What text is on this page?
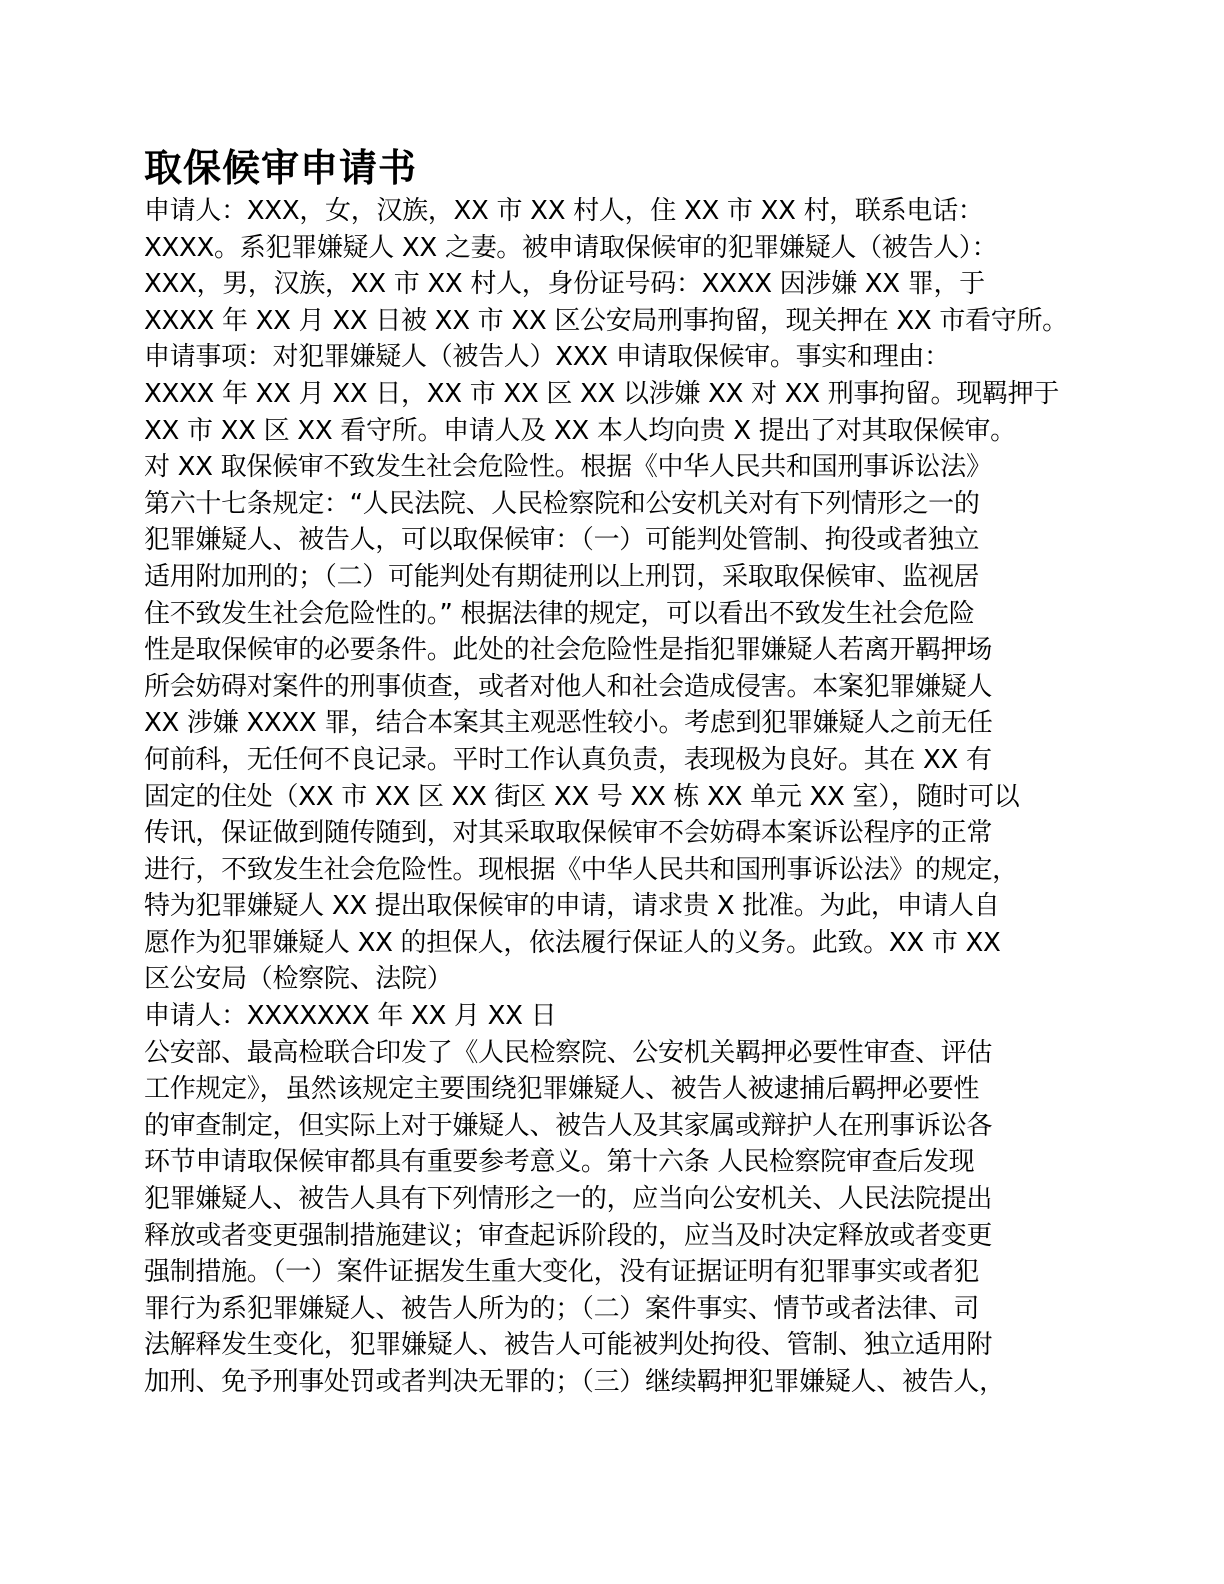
取保候审申请书

申请人：XXX，女，汉族，XX 市 XX 村人，住 XX 市 XX 村，联系电话：

XXXX。系犯罪嫌疑人 XX 之妻。被申请取保候审的犯罪嫌疑人（被告人）：

XXX，男，汉族，XX 市 XX 村人，身份证号码：XXXX 因涉嫌 XX 罪，于

XXXX 年 XX 月 XX 日被 XX 市 XX 区公安局刑事拘留，现关押在 XX 市看守所。

申请事项：对犯罪嫌疑人（被告人）XXX 申请取保候审。事实和理由：

XXXX 年 XX 月 XX 日，XX 市 XX 区 XX 以涉嫌 XX 对 XX 刑事拘留。现羁押于

XX 市 XX 区 XX 看守所。申请人及 XX 本人均向贵 X 提出了对其取保候审。

对 XX 取保候审不致发生社会危险性。根据《中华人民共和国刑事诉讼法》

第六十七条规定：“人民法院、人民检察院和公安机关对有下列情形之一的

犯罪嫌疑人、被告人，可以取保候审：（一）可能判处管制、拘役或者独立

适用附加刑的；（二）可能判处有期徒刑以上刑罚，采取取保候审、监视居

住不致发生社会危险性的。” 根据法律的规定，可以看出不致发生社会危险

性是取保候审的必要条件。此处的社会危险性是指犯罪嫌疑人若离开羁押场

所会妨碍对案件的刑事侦查，或者对他人和社会造成侵害。本案犯罪嫌疑人

XX 涉嫌 XXXX 罪，结合本案其主观恶性较小。考虑到犯罪嫌疑人之前无任

何前科，无任何不良记录。平时工作认真负责，表现极为良好。其在 XX 有

固定的住处（XX 市 XX 区 XX 街区 XX 号 XX 栋 XX 单元 XX 室），随时可以

传讯，保证做到随传随到，对其采取取保候审不会妨碍本案诉讼程序的正常

进行，不致发生社会危险性。现根据《中华人民共和国刑事诉讼法》的规定，

特为犯罪嫌疑人 XX 提出取保候审的申请，请求贵 X 批准。为此，申请人自

愿作为犯罪嫌疑人 XX 的担保人，依法履行保证人的义务。此致。XX 市 XX

区公安局（检察院、法院）

申请人：XXXXXXX 年 XX 月 XX 日

公安部、最高检联合印发了《人民检察院、公安机关羁押必要性审查、评估

工作规定》，虽然该规定主要围绕犯罪嫌疑人、被告人被逮捕后羁押必要性

的审查制定，但实际上对于嫌疑人、被告人及其家属或辩护人在刑事诉讼各

环节申请取保候审都具有重要参考意义。第十六条 人民检察院审查后发现

犯罪嫌疑人、被告人具有下列情形之一的，应当向公安机关、人民法院提出

释放或者变更强制措施建议；审查起诉阶段的，应当及时决定释放或者变更

强制措施。（一）案件证据发生重大变化，没有证据证明有犯罪事实或者犯

罪行为系犯罪嫌疑人、被告人所为的；（二）案件事实、情节或者法律、司

法解释发生变化，犯罪嫌疑人、被告人可能被判处拘役、管制、独立适用附

加刑、免予刑事处罚或者判决无罪的；（三）继续羁押犯罪嫌疑人、被告人，
